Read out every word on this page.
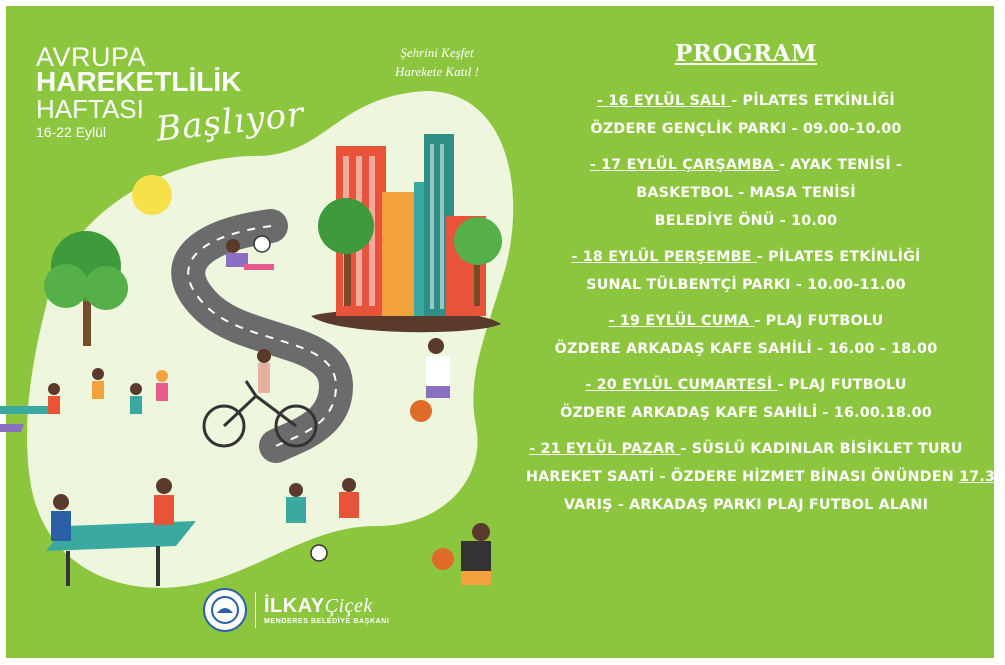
AVRUPA
HAREKETLİLİK
HAFTASI
16-22 Eylül Başlıyor
Şehrini Keşfet
Harekete Katıl !
PROGRAM
- 16 EYLÜL SALI - PİLATES ETKİNLİĞİ
ÖZDERE GENÇLİK PARKI - 09.00-10.00
- 17 EYLÜL ÇARŞAMBA - AYAK TENİSİ -
BASKETBOL - MASA TENİSİ
BELEDİYE ÖNÜ - 10.00
- 18 EYLÜL PERŞEMBE - PİLATES ETKİNLİĞİ
SUNAL TÜLBENTÇİ PARKI - 10.00-11.00
- 19 EYLÜL CUMA - PLAJ FUTBOLU
ÖZDERE ARKADAŞ KAFE SAHİLİ - 16.00 - 18.00
- 20 EYLÜL CUMARTESİ - PLAJ FUTBOLU
ÖZDERE ARKADAŞ KAFE SAHİLİ - 16.00.18.00
- 21 EYLÜL PAZAR - SÜSLÜ KADINLAR BİSİKLET TURU
HAREKET SAATİ - ÖZDERE HİZMET BİNASI ÖNÜNDEN 17.30
VARIŞ - ARKADAŞ PARKI PLAJ FUTBOL ALANI
İLKAYÇiçek
MENDERES BELEDİYE BAŞKANI
